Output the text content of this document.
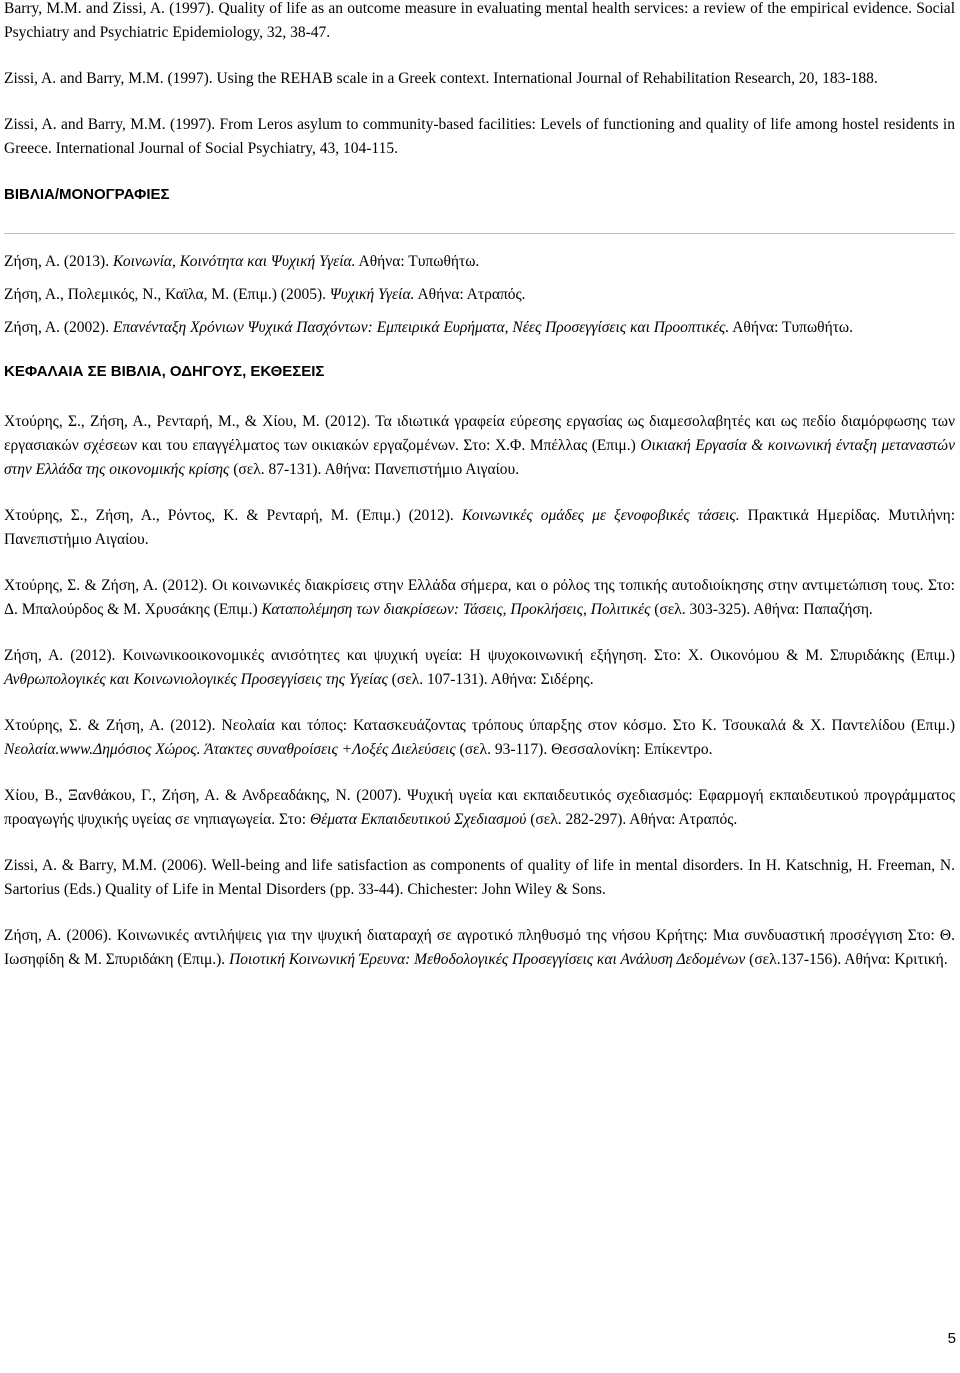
Barry, M.M. and Zissi, A. (1997). Quality of life as an outcome measure in evaluating mental health services: a review of the empirical evidence. Social Psychiatry and Psychiatric Epidemiology, 32, 38-47.

Zissi, A. and Barry, M.M. (1997). Using the REHAB scale in a Greek context. International Journal of Rehabilitation Research, 20, 183-188.

Zissi, A. and Barry, M.M. (1997). From Leros asylum to community-based facilities: Levels of functioning and quality of life among hostel residents in Greece. International Journal of Social Psychiatry, 43, 104-115.

ΒΙΒΛΙΑ/ΜΟΝΟΓΡΑΦΙΕΣ

Ζήση, Α. (2013). Κοινωνία, Κοινότητα και Ψυχική Υγεία. Αθήνα: Τυπωθήτω.

Ζήση, Α., Πολεμικός, Ν., Καϊλα, Μ. (Επιμ.) (2005). Ψυχική Υγεία. Αθήνα: Ατραπός.

Ζήση, Α. (2002). Επανένταξη Χρόνιων Ψυχικά Πασχόντων: Εμπειρικά Ευρήματα, Νέες Προσεγγίσεις και Προοπτικές. Αθήνα: Τυπωθήτω.

ΚΕΦΑΛΑΙΑ ΣΕ ΒΙΒΛΙΑ, ΟΔΗΓΟΥΣ, ΕΚΘΕΣΕΙΣ

Χτούρης, Σ., Ζήση, Α., Ρενταρή, Μ., & Χίου, Μ. (2012). Τα ιδιωτικά γραφεία εύρεσης εργασίας ως διαμεσολαβητές και ως πεδίο διαμόρφωσης των εργασιακών σχέσεων και του επαγγέλματος των οικιακών εργαζομένων. Στο: Χ.Φ. Μπέλλας (Επιμ.) Οικιακή Εργασία & κοινωνική ένταξη μεταναστών στην Ελλάδα της οικονομικής κρίσης (σελ. 87-131). Αθήνα: Πανεπιστήμιο Αιγαίου.

Χτούρης, Σ., Ζήση, Α., Ρόντος, Κ. & Ρενταρή, Μ. (Επιμ.) (2012). Κοινωνικές ομάδες με ξενοφοβικές τάσεις. Πρακτικά Ημερίδας. Μυτιλήνη: Πανεπιστήμιο Αιγαίου.

Χτούρης, Σ. & Ζήση, Α. (2012). Οι κοινωνικές διακρίσεις στην Ελλάδα σήμερα, και ο ρόλος της τοπικής αυτοδιοίκησης στην αντιμετώπιση τους. Στο: Δ. Μπαλούρδος & Μ. Χρυσάκης (Επιμ.) Καταπολέμηση των διακρίσεων: Τάσεις, Προκλήσεις, Πολιτικές (σελ. 303-325). Αθήνα: Παπαζήση.

Ζήση, Α. (2012). Κοινωνικοοικονομικές ανισότητες και ψυχική υγεία: Η ψυχοκοινωνική εξήγηση. Στο: Χ. Οικονόμου & Μ. Σπυριδάκης (Επιμ.) Ανθρωπολογικές και Κοινωνιολογικές Προσεγγίσεις της Υγείας (σελ. 107-131). Αθήνα: Σιδέρης.

Χτούρης, Σ. & Ζήση, Α. (2012). Νεολαία και τόπος: Κατασκευάζοντας τρόπους ύπαρξης στον κόσμο. Στο Κ. Τσουκαλά & Χ. Παντελίδου (Επιμ.) Νεολαία.www.Δημόσιος Χώρος. Άτακτες συναθροίσεις +Λοξές Διελεύσεις (σελ. 93-117). Θεσσαλονίκη: Επίκεντρο.

Χίου, Β., Ξανθάκου, Γ., Ζήση, Α. & Ανδρεαδάκης, Ν. (2007). Ψυχική υγεία και εκπαιδευτικός σχεδιασμός: Εφαρμογή εκπαιδευτικού προγράμματος προαγωγής ψυχικής υγείας σε νηπιαγωγεία. Στο: Θέματα Εκπαιδευτικού Σχεδιασμού (σελ. 282-297). Αθήνα: Ατραπός.

Zissi, A. & Barry, M.M. (2006). Well-being and life satisfaction as components of quality of life in mental disorders. In H. Katschnig, H. Freeman, N. Sartorius (Eds.) Quality of Life in Mental Disorders (pp. 33-44). Chichester: John Wiley & Sons.

Ζήση, Α. (2006). Κοινωνικές αντιλήψεις για την ψυχική διαταραχή σε αγροτικό πληθυσμό της νήσου Κρήτης: Μια συνδυαστική προσέγγιση Στο: Θ. Ιωσηφίδη & Μ. Σπυριδάκη (Επιμ.). Ποιοτική Κοινωνική Έρευνα: Μεθοδολογικές Προσεγγίσεις και Ανάλυση Δεδομένων (σελ.137-156). Αθήνα: Κριτική.

5
